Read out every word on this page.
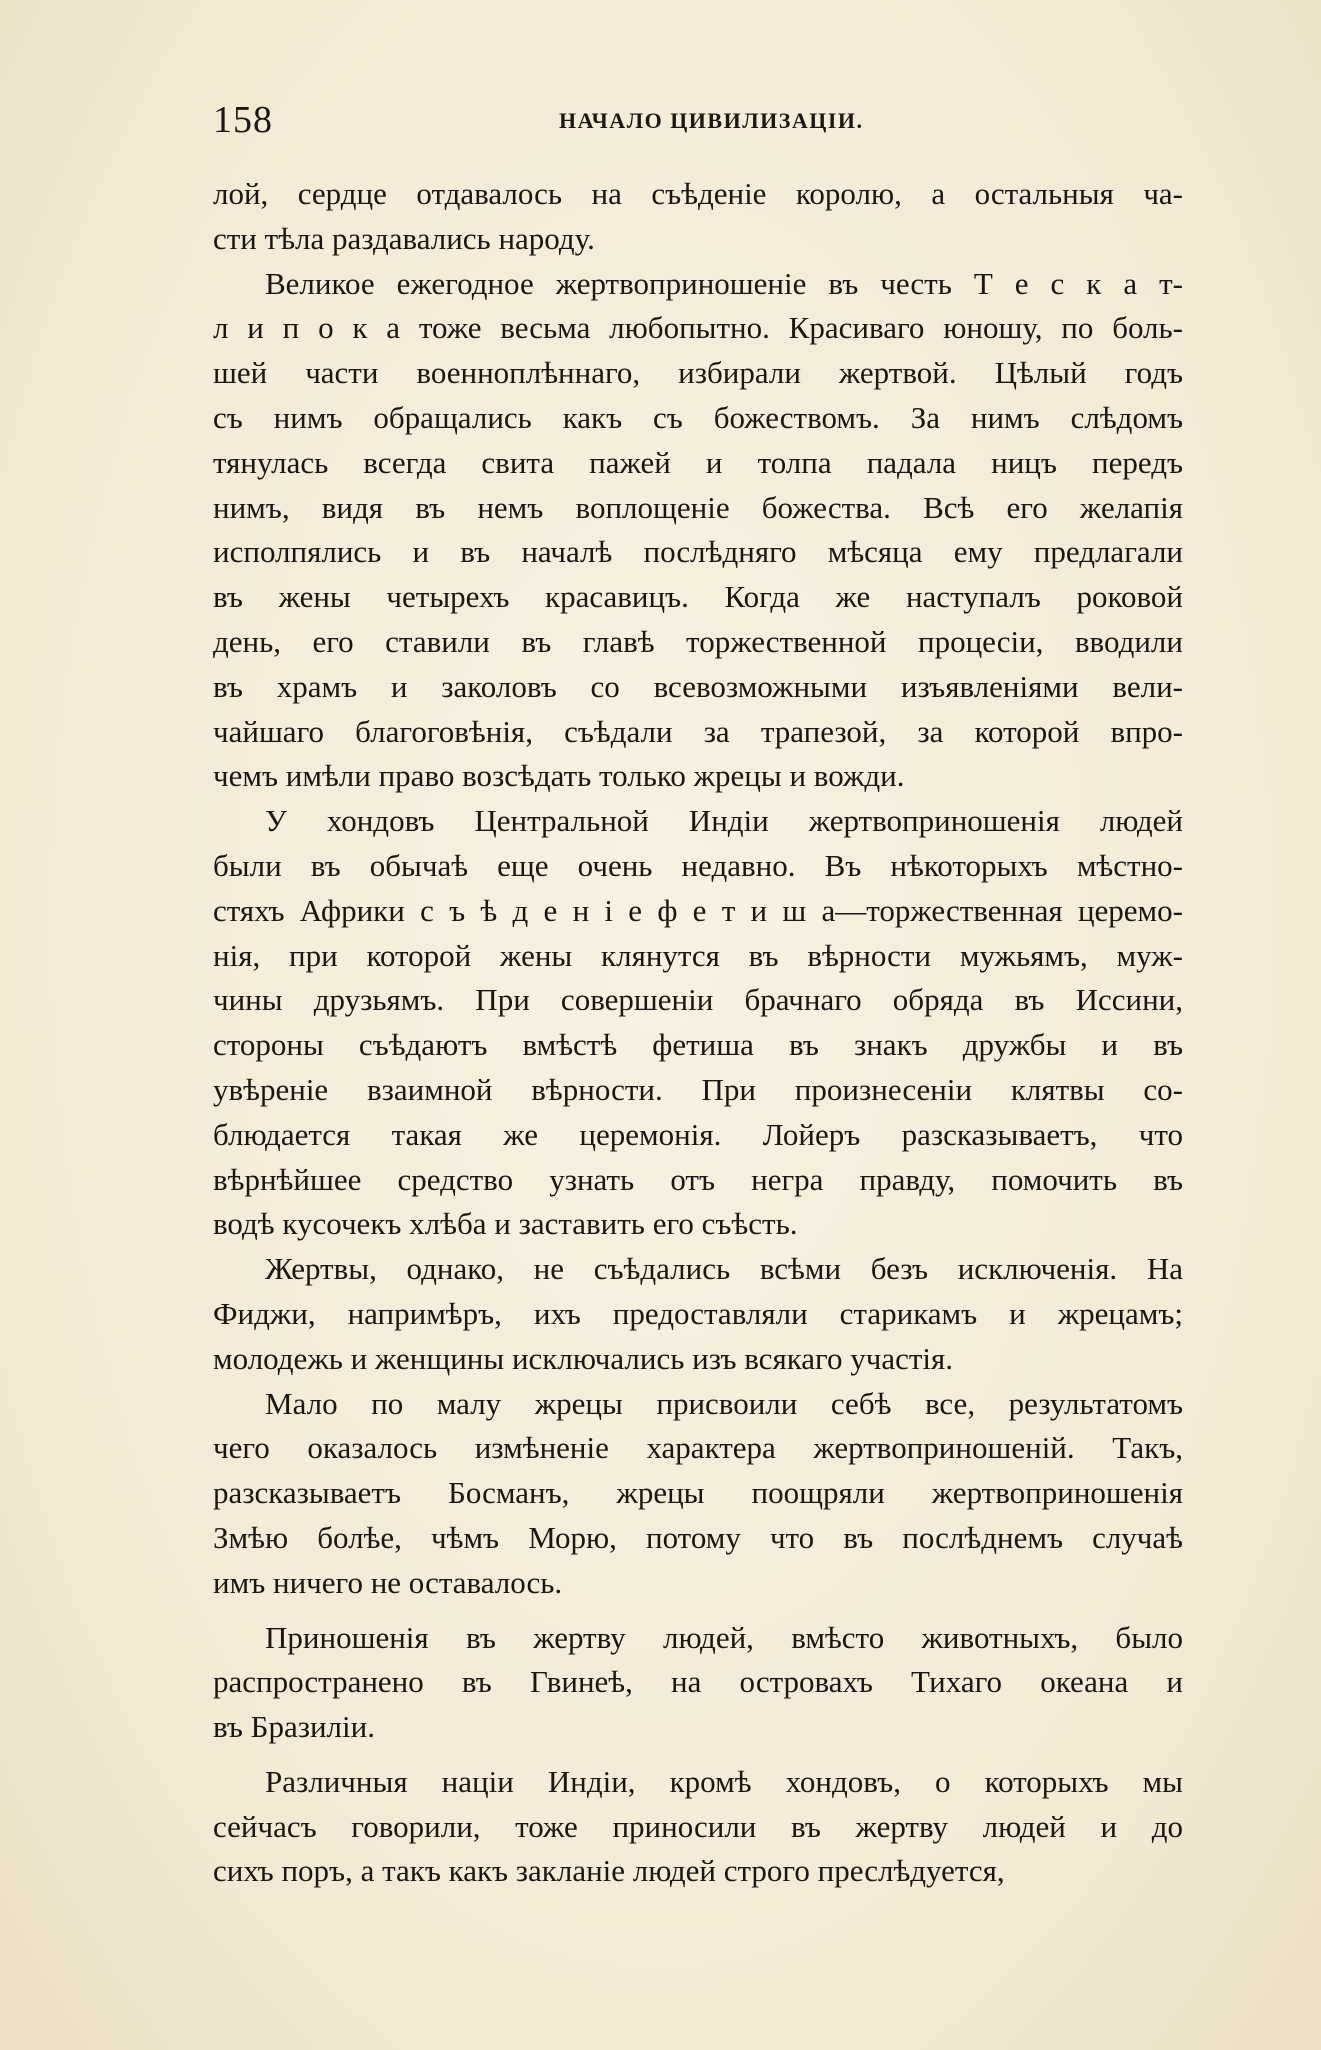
158	НАЧАЛО ЦИВИЛИЗАЦІИ.
лой, сердце отдавалось на съѣденіе королю, а остальныя ча-
сти тѣла раздавались народу.
Великое ежегодное жертвоприношеніе въ честь Т е с к а т-
л и п о к а тоже весьма любопытно. Красиваго юношу, по боль-
шей части военноплѣннаго, избирали жертвой. Цѣлый годъ
съ нимъ обращались какъ съ божествомъ. За нимъ слѣдомъ
тянулась всегда свита пажей и толпа падала ницъ передъ
нимъ, видя въ немъ воплощеніе божества. Всѣ его желапія
исполпялись и въ началѣ послѣдняго мѣсяца ему предлагали
въ жены четырехъ красавицъ. Когда же наступалъ роковой
день, его ставили въ главѣ торжественной процесіи, вводили
въ храмъ и заколовъ со всевозможными изъявленіями вели-
чайшаго благоговѣнія, съѣдали за трапезой, за которой впро-
чемъ имѣли право возсѣдать только жрецы и вожди.
У хондовъ Центральной Индіи жертвоприношенія людей
были въ обычаѣ еще очень недавно. Въ нѣкоторыхъ мѣстно-
стяхъ Африки с ъ ѣ д е н і е ф е т и ш а—торжественная церемо-
нія, при которой жены клянутся въ вѣрности мужьямъ, муж-
чины друзьямъ. При совершеніи брачнаго обряда въ Иссини,
стороны съѣдаютъ вмѣстѣ фетиша въ знакъ дружбы и въ
увѣреніе взаимной вѣрности. При произнесеніи клятвы со-
блюдается такая же церемонія. Лойеръ разсказываетъ, что
вѣрнѣйшее средство узнать отъ негра правду, помочить въ
водѣ кусочекъ хлѣба и заставить его съѣсть.
Жертвы, однако, не съѣдались всѣми безъ исключенія. На
Фиджи, напримѣръ, ихъ предоставляли старикамъ и жрецамъ;
молодежь и женщины исключались изъ всякаго участія.
Мало по малу жрецы присвоили себѣ все, результатомъ
чего оказалось измѣненіе характера жертвоприношеній. Такъ,
разсказываетъ Босманъ, жрецы поощряли жертвоприношенія
Змѣю болѣе, чѣмъ Морю, потому что въ послѣднемъ случаѣ
имъ ничего не оставалось.
Приношенія въ жертву людей, вмѣсто животныхъ, было
распространено въ Гвинеѣ, на островахъ Тихаго океана и
въ Бразиліи.
Различныя націи Индіи, кромѣ хондовъ, о которыхъ мы
сейчасъ говорили, тоже приносили въ жертву людей и до
сихъ поръ, а такъ какъ закланіе людей строго преслѣдуется,
